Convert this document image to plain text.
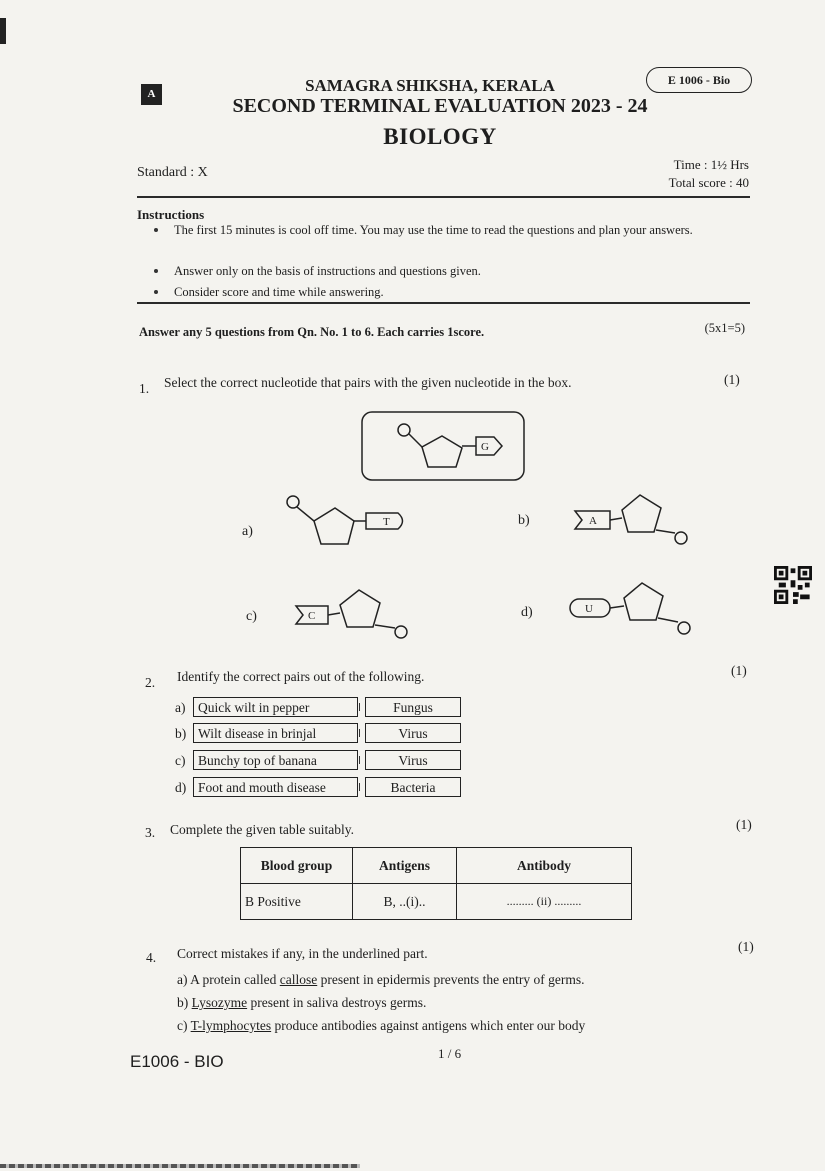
A	SAMAGRA SHIKSHA, KERALA
SECOND TERMINAL EVALUATION 2023 - 24
BIOLOGY
E 1006 - Bio
Standard : X
Time : 1½ Hrs
Total score : 40
Instructions
The first 15 minutes is cool off time. You may use the time to read the questions and plan your answers.
Answer only on the basis of instructions and questions given.
Consider score and time while answering.
Answer any 5 questions from Qn. No. 1 to 6. Each carries 1score.	(5x1=5)
1. Select the correct nucleotide that pairs with the given nucleotide in the box.	(1)
G
a)
T	b)	A
c)	C	d)	U
2. Identify the correct pairs out of the following.	(1)
a) Quick wilt in pepper	Fungus
b) Wilt disease in brinjal	Virus
c) Bunchy top of banana	Virus
d) Foot and mouth disease	Bacteria
3. Complete the given table suitably.	(1)
Blood group	Antigens	Antibody
B Positive	B, ..(i)..	......... (ii) .........
4. Correct mistakes if any, in the underlined part.	(1)
a) A protein called callose present in epidermis prevents the entry of germs.
b) Lysozyme present in saliva destroys germs.
c) T-lymphocytes produce antibodies against antigens which enter our body
E1006 - BIO	1 / 6
